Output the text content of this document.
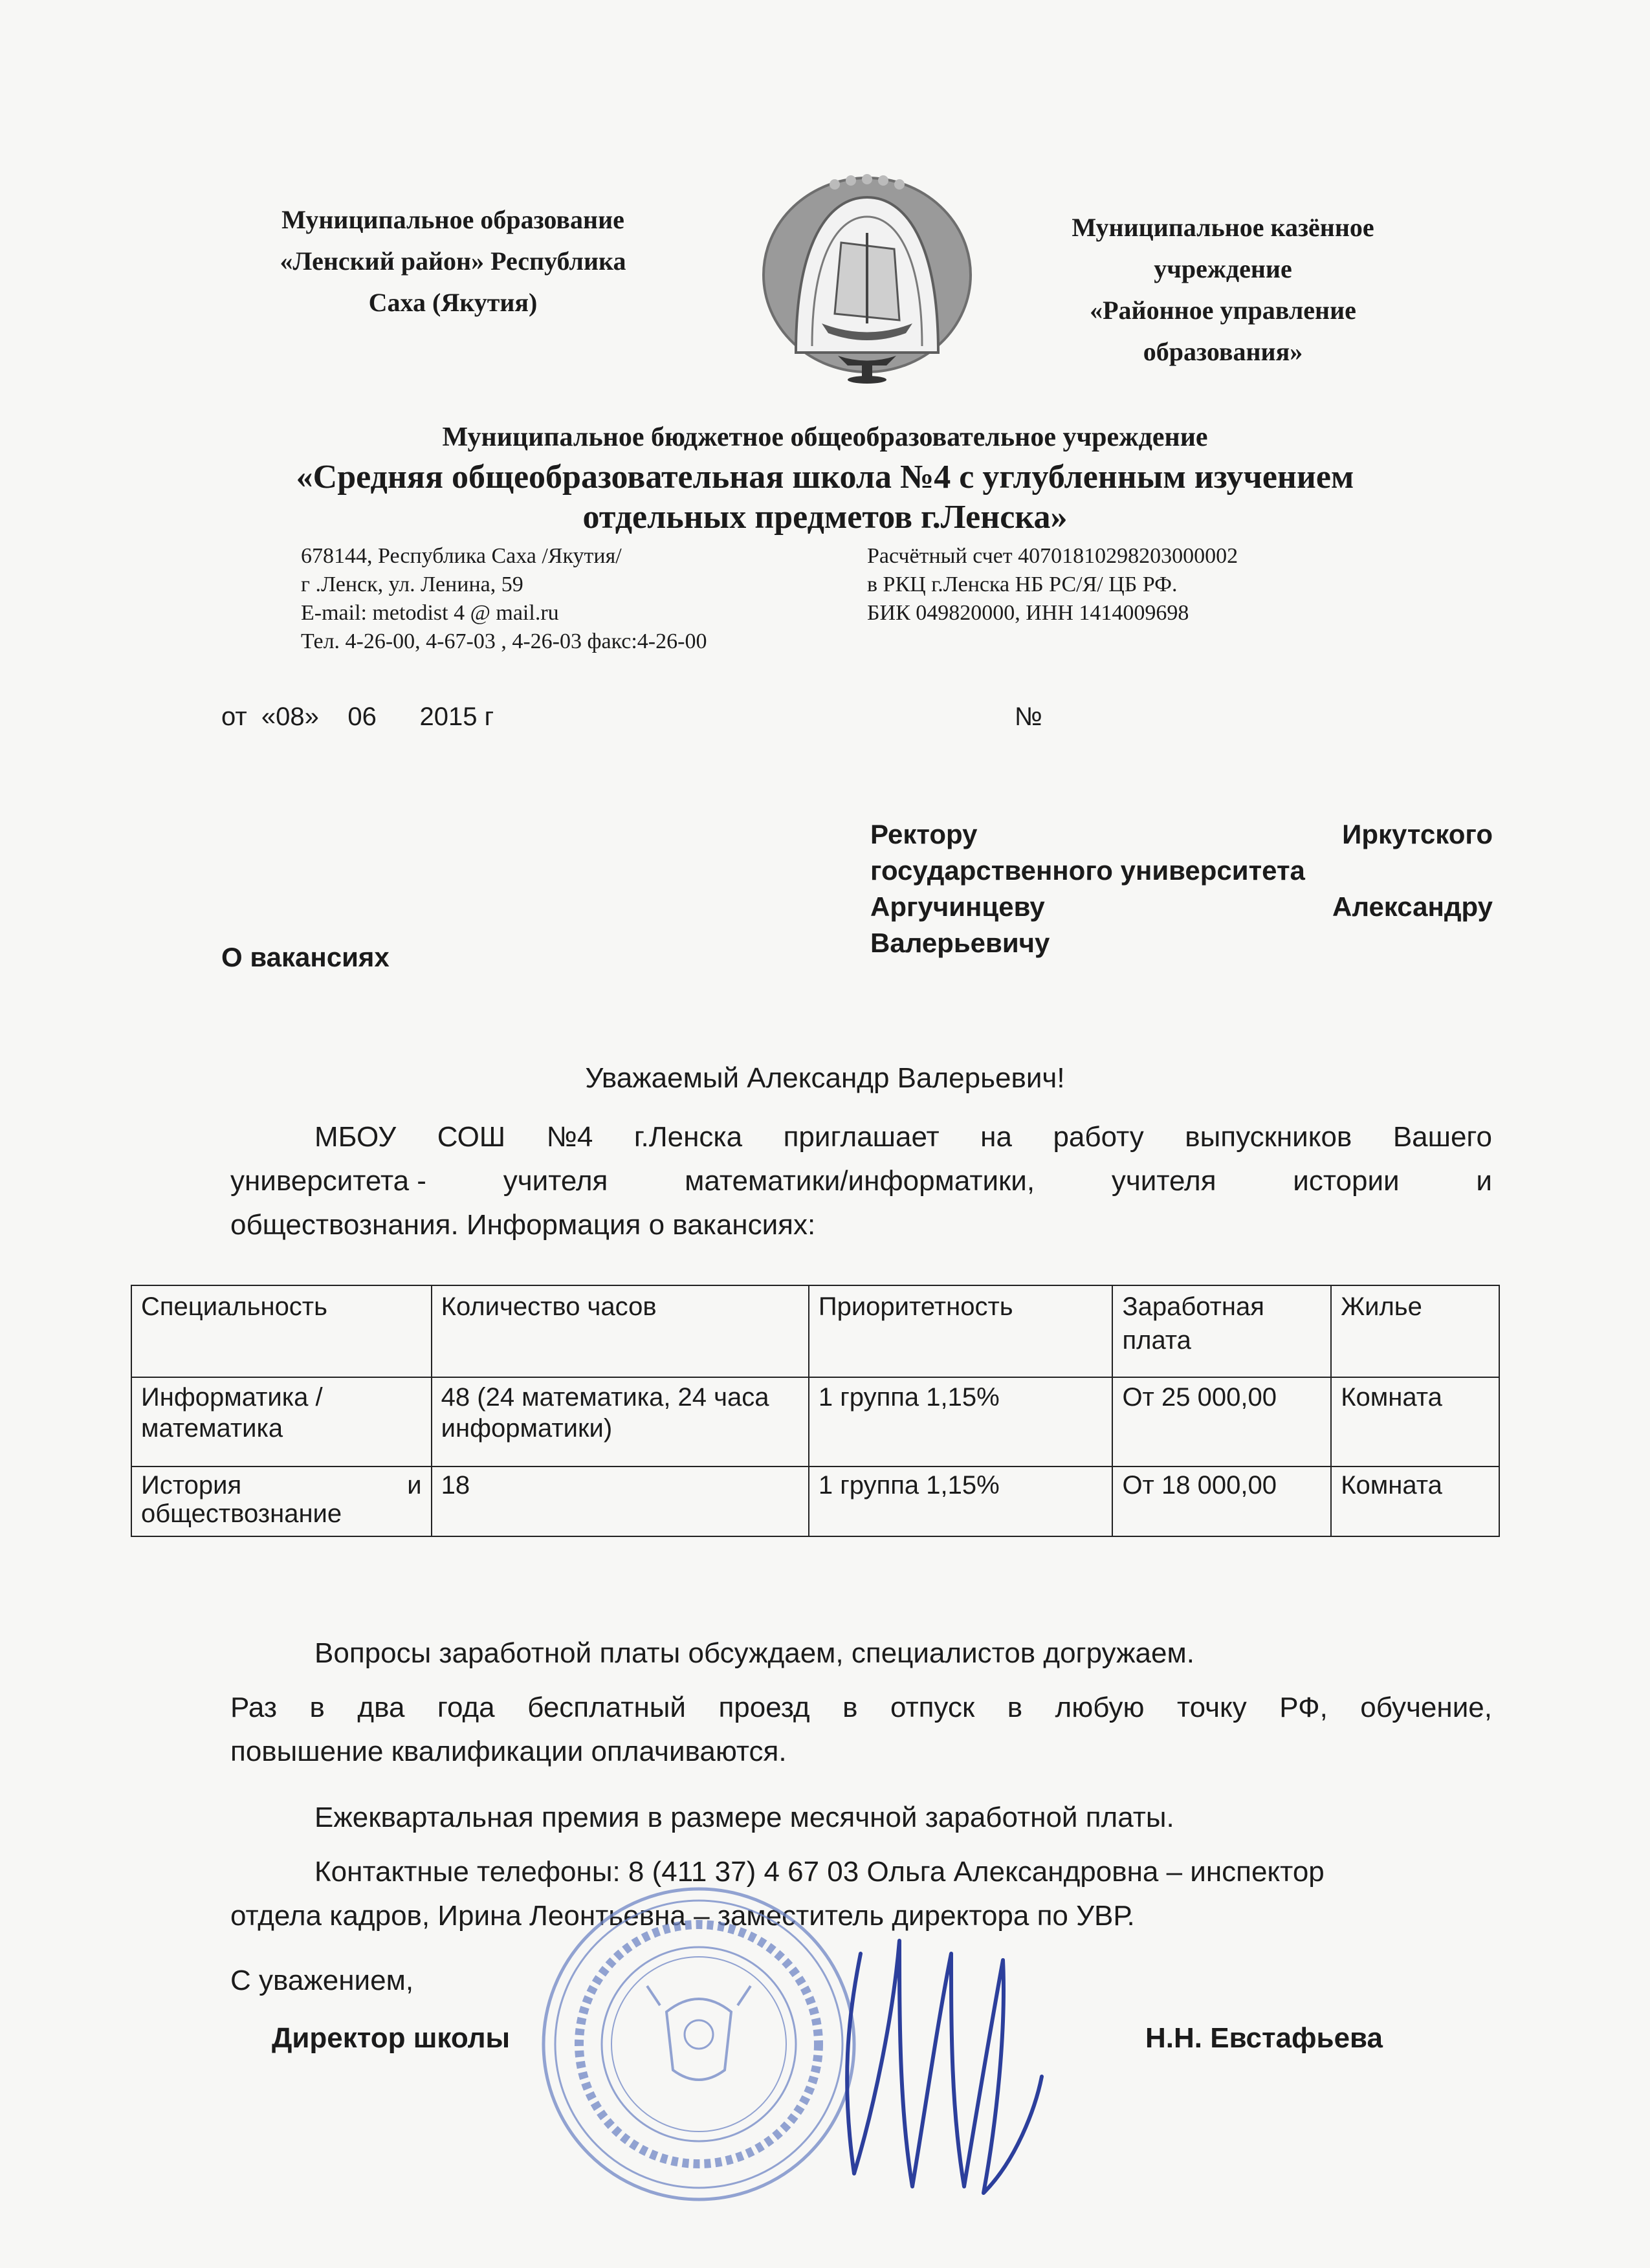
Муниципальное образование
«Ленский район» Республика
Саха (Якутия)
Муниципальное казённое
учреждение
«Районное управление
образования»
Муниципальное бюджетное общеобразовательное учреждение
«Средняя общеобразовательная школа №4 с углубленным изучением
отдельных предметов г.Ленска»
678144, Республика Саха /Якутия/
г .Ленск, ул. Ленина, 59
E-mail: metodist 4 @ mail.ru
Тел. 4-26-00, 4-67-03 , 4-26-03 факс:4-26-00
Расчётный счет 40701810298203000002
в РКЦ г.Ленска НБ РС/Я/ ЦБ РФ.
БИК 049820000, ИНН 1414009698
от  «08»    06      2015 г	№
Ректору	Иркутского
государственного университета
Аргучинцеву	Александру
Валерьевичу
О вакансиях
Уважаемый Александр Валерьевич!
МБОУ СОШ №4 г.Ленска приглашает на работу выпускников Вашего
университета -	учителя	математики/информатики,	учителя	истории	и
обществознания. Информация о вакансиях:
Специальность	Количество часов	Приоритетность	Заработная плата	Жилье
Информатика /математика	48 (24 математика, 24 часа информатики)	1 группа 1,15%	От 25 000,00	Комната

История и
обществознание	18	1 группа 1,15%	От 18 000,00	Комната
Вопросы заработной платы обсуждаем, специалистов догружаем.
Раз в два года бесплатный проезд в отпуск в любую точку РФ, обучение,
повышение квалификации оплачиваются.
Ежеквартальная премия в размере месячной заработной платы.
Контактные телефоны: 8 (411 37) 4 67 03 Ольга Александровна – инспектор
отдела кадров, Ирина Леонтьевна – заместитель директора по УВР.
С уважением,
Директор школы	Н.Н. Евстафьева
